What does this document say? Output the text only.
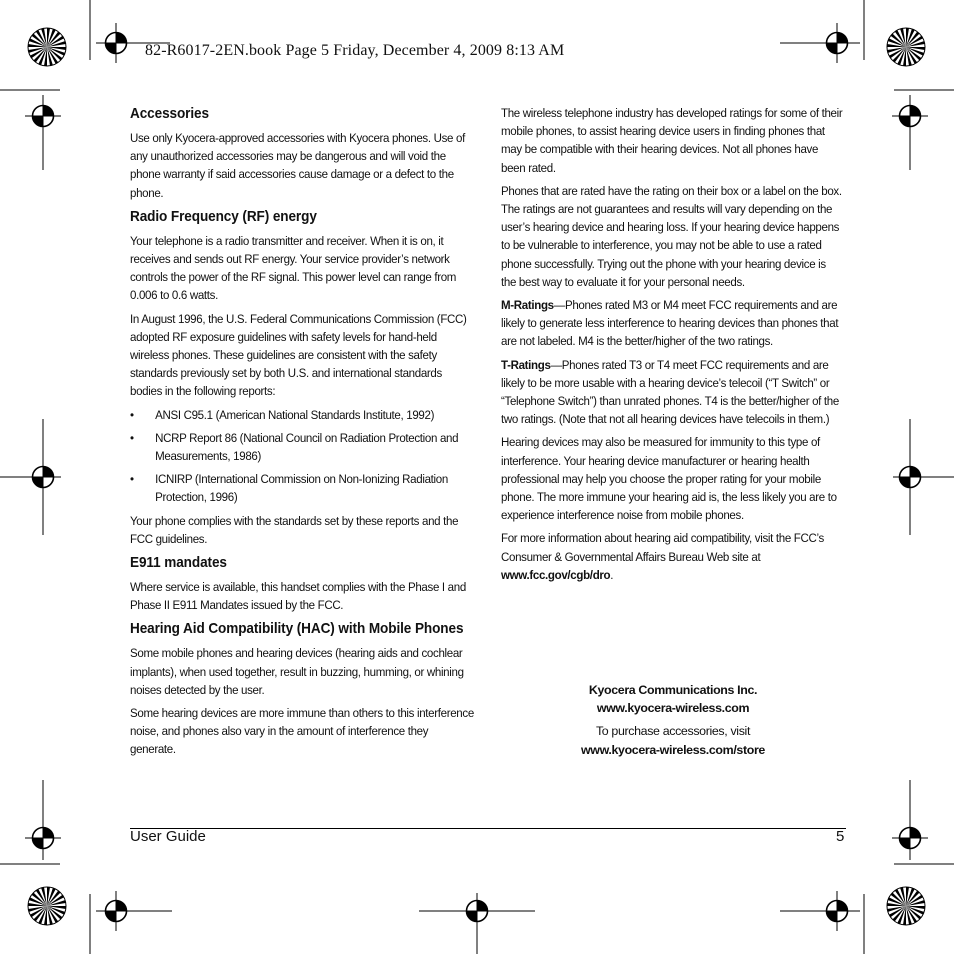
82-R6017-2EN.book Page 5 Friday, December 4, 2009 8:13 AM
Accessories

Use only Kyocera-approved accessories with Kyocera phones. Use of any unauthorized accessories may be dangerous and will void the phone warranty if said accessories cause damage or a defect to the phone.

Radio Frequency (RF) energy

Your telephone is a radio transmitter and receiver. When it is on, it receives and sends out RF energy. Your service provider’s network controls the power of the RF signal. This power level can range from 0.006 to 0.6 watts.

In August 1996, the U.S. Federal Communications Commission (FCC) adopted RF exposure guidelines with safety levels for hand-held wireless phones. These guidelines are consistent with the safety standards previously set by both U.S. and international standards bodies in the following reports:

• ANSI C95.1 (American National Standards Institute, 1992)
• NCRP Report 86 (National Council on Radiation Protection and Measurements, 1986)
• ICNIRP (International Commission on Non-Ionizing Radiation Protection, 1996)

Your phone complies with the standards set by these reports and the FCC guidelines.

E911 mandates

Where service is available, this handset complies with the Phase I and Phase II E911 Mandates issued by the FCC.

Hearing Aid Compatibility (HAC) with Mobile Phones

Some mobile phones and hearing devices (hearing aids and cochlear implants), when used together, result in buzzing, humming, or whining noises detected by the user.

Some hearing devices are more immune than others to this interference noise, and phones also vary in the amount of interference they generate.

The wireless telephone industry has developed ratings for some of their mobile phones, to assist hearing device users in finding phones that may be compatible with their hearing devices. Not all phones have been rated.

Phones that are rated have the rating on their box or a label on the box. The ratings are not guarantees and results will vary depending on the user’s hearing device and hearing loss. If your hearing device happens to be vulnerable to interference, you may not be able to use a rated phone successfully. Trying out the phone with your hearing device is the best way to evaluate it for your personal needs.

M-Ratings—Phones rated M3 or M4 meet FCC requirements and are likely to generate less interference to hearing devices than phones that are not labeled. M4 is the better/higher of the two ratings.

T-Ratings—Phones rated T3 or T4 meet FCC requirements and are likely to be more usable with a hearing device’s telecoil (“T Switch” or “Telephone Switch”) than unrated phones. T4 is the better/higher of the two ratings. (Note that not all hearing devices have telecoils in them.)

Hearing devices may also be measured for immunity to this type of interference. Your hearing device manufacturer or hearing health professional may help you choose the proper rating for your mobile phone. The more immune your hearing aid is, the less likely you are to experience interference noise from mobile phones.

For more information about hearing aid compatibility, visit the FCC’s Consumer & Governmental Affairs Bureau Web site at www.fcc.gov/cgb/dro.

Kyocera Communications Inc.
www.kyocera-wireless.com
To purchase accessories, visit
www.kyocera-wireless.com/store
User Guide	5
